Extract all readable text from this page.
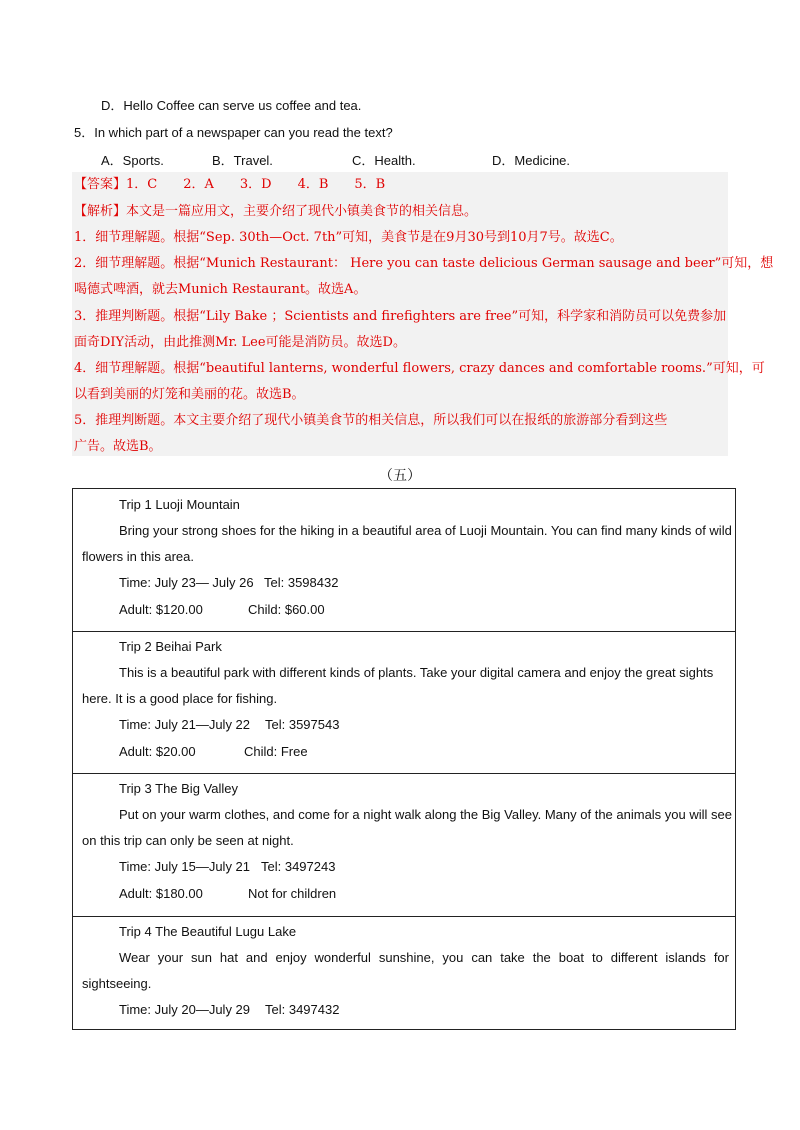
D．Hello Coffee can serve us coffee and tea.
5．In which part of a newspaper can you read the text?
A．Sports.	B．Travel.	C．Health.	D．Medicine.
【答案】1．C　　2．A　　3．D　　4．B　　5．B
【解析】本文是一篇应用文，主要介绍了现代小镇美食节的相关信息。
1．细节理解题。根据“Sep. 30th—Oct. 7th”可知，美食节是在9月30号到10月7号。故选C。
2．细节理解题。根据“Munich Restaurant： Here you can taste delicious German sausage and beer”可知，想
喝德式啤酒，就去Munich Restaurant。故选A。
3．推理判断题。根据“Lily Bake ；Scientists and firefighters are free”可知，科学家和消防员可以免费参加
面奇DIY活动，由此推测Mr. Lee可能是消防员。故选D。
4．细节理解题。根据“beautiful lanterns, wonderful flowers, crazy dances and comfortable rooms.”可知，可
以看到美丽的灯笼和美丽的花。故选B。
5．推理判断题。本文主要介绍了现代小镇美食节的相关信息，所以我们可以在报纸的旅游部分看到这些
广告。故选B。
（五）
Trip 1 Luoji Mountain
Bring your strong shoes for the hiking in a beautiful area of Luoji Mountain. You can find many kinds of wild
flowers in this area.
Time: July 23— July 26 Tel: 3598432
Adult: $120.00	Child: $60.00
Trip 2 Beihai Park
This is a beautiful park with different kinds of plants. Take your digital camera and enjoy the great sights
here. It is a good place for fishing.
Time: July 21—July 22 Tel: 3597543
Adult: $20.00	Child: Free
Trip 3 The Big Valley
Put on your warm clothes, and come for a night walk along the Big Valley. Many of the animals you will see
on this trip can only be seen at night.
Time: July 15—July 21 Tel: 3497243
Adult: $180.00	Not for children
Trip 4 The Beautiful Lugu Lake
Wear your sun hat and enjoy wonderful sunshine, you can take the boat to different islands for
sightseeing.
Time: July 20—July 29 Tel: 3497432
